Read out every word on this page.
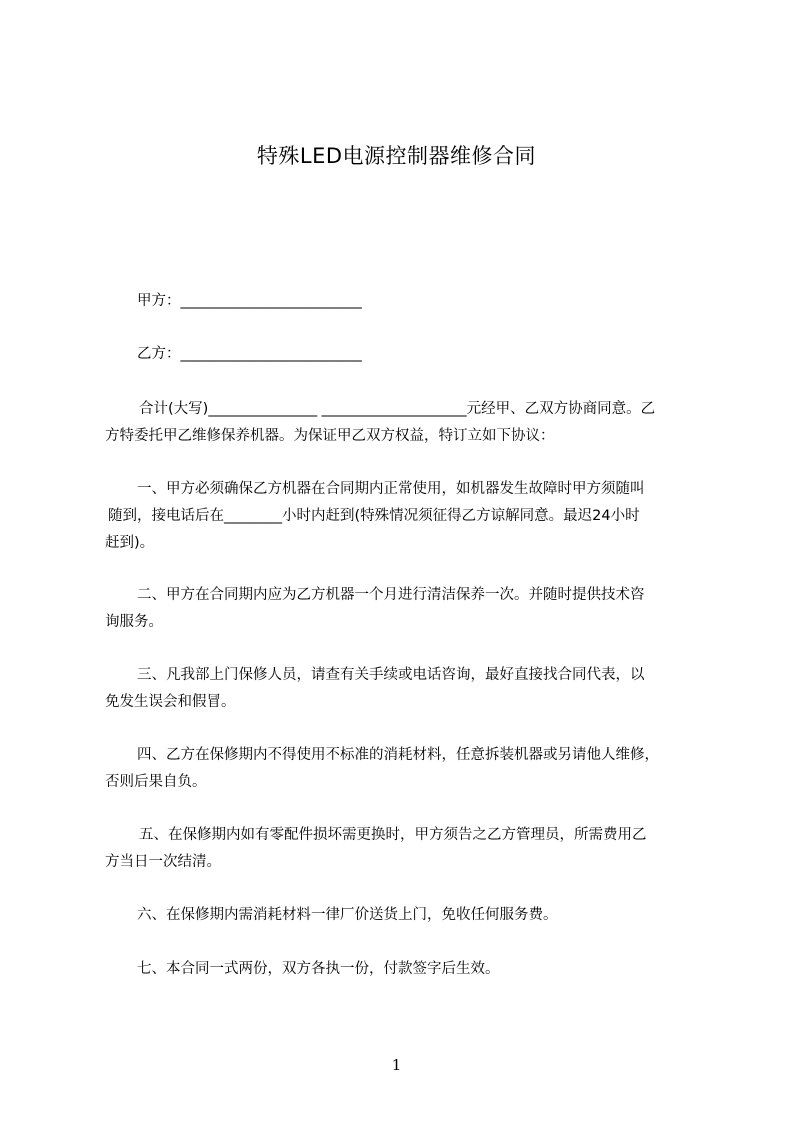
特殊LED电源控制器维修合同
甲方：_________________________
乙方：_________________________
合计(大写)_______________ ____________________元经甲、乙双方协商同意。乙
方特委托甲乙维修保养机器。为保证甲乙双方权益，特订立如下协议：
一、甲方必须确保乙方机器在合同期内正常使用，如机器发生故障时甲方须随叫
随到，接电话后在________小时内赶到(特殊情况须征得乙方谅解同意。最迟24小时
赶到)。
二、甲方在合同期内应为乙方机器一个月进行清洁保养一次。并随时提供技术咨
询服务。
三、凡我部上门保修人员，请查有关手续或电话咨询，最好直接找合同代表，以
免发生误会和假冒。
四、乙方在保修期内不得使用不标准的消耗材料，任意拆装机器或另请他人维修，
否则后果自负。
五、在保修期内如有零配件损坏需更换时，甲方须告之乙方管理员，所需费用乙
方当日一次结清。
六、在保修期内需消耗材料一律厂价送货上门，免收任何服务费。
七、本合同一式两份，双方各执一份，付款签字后生效。
1
